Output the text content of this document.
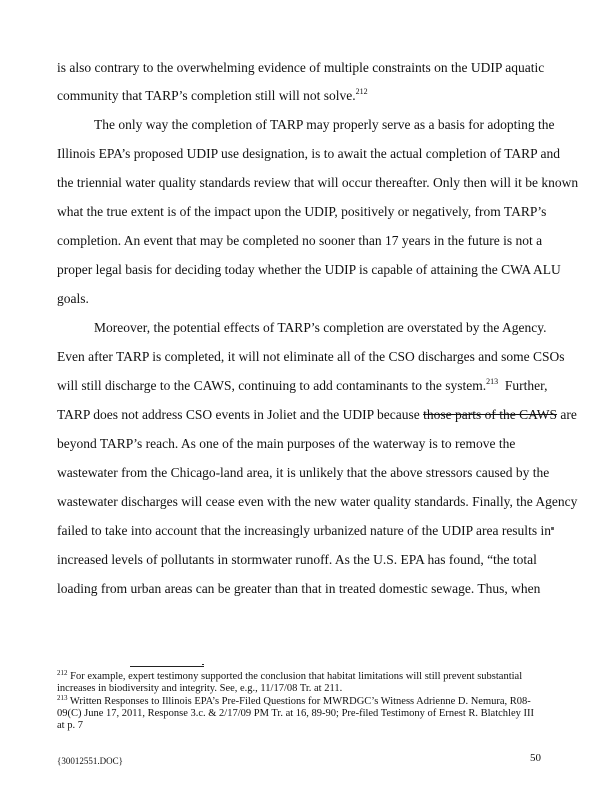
is also contrary to the overwhelming evidence of multiple constraints on the UDIP aquatic
community that TARP’s completion still will not solve.$^{212}$
The only way the completion of TARP may properly serve as a basis for adopting the
Illinois EPA’s proposed UDIP use designation, is to await the actual completion of TARP and
the triennial water quality standards review that will occur thereafter. Only then will it be known
what the true extent is of the impact upon the UDIP, positively or negatively, from TARP’s
completion. An event that may be completed no sooner than 17 years in the future is not a
proper legal basis for deciding today whether the UDIP is capable of attaining the CWA ALU
goals.
Moreover, the potential effects of TARP’s completion are overstated by the Agency.
Even after TARP is completed, it will not eliminate all of the CSO discharges and some CSOs
will still discharge to the CAWS, continuing to add contaminants to the system.$^{213}$  Further,
TARP does not address CSO events in Joliet and the UDIP because those parts of the CAWS are
beyond TARP’s reach. As one of the main purposes of the waterway is to remove the
wastewater from the Chicago-land area, it is unlikely that the above stressors caused by the
wastewater discharges will cease even with the new water quality standards. Finally, the Agency
failed to take into account that the increasingly urbanized nature of the UDIP area results in
increased levels of pollutants in stormwater runoff. As the U.S. EPA has found, “the total
loading from urban areas can be greater than that in treated domestic sewage. Thus, when
$^{212}$ For example, expert testimony supported the conclusion that habitat limitations will still prevent substantial
increases in biodiversity and integrity. See, e.g., 11/17/08 Tr. at 211.
$^{213}$ Written Responses to Illinois EPA’s Pre-Filed Questions for MWRDGC’s Witness Adrienne D. Nemura, R08-
09(C) June 17, 2011, Response 3.c. & 2/17/09 PM Tr. at 16, 89-90; Pre-filed Testimony of Ernest R. Blatchley III
at p. 7
{30012551.DOC}	50
